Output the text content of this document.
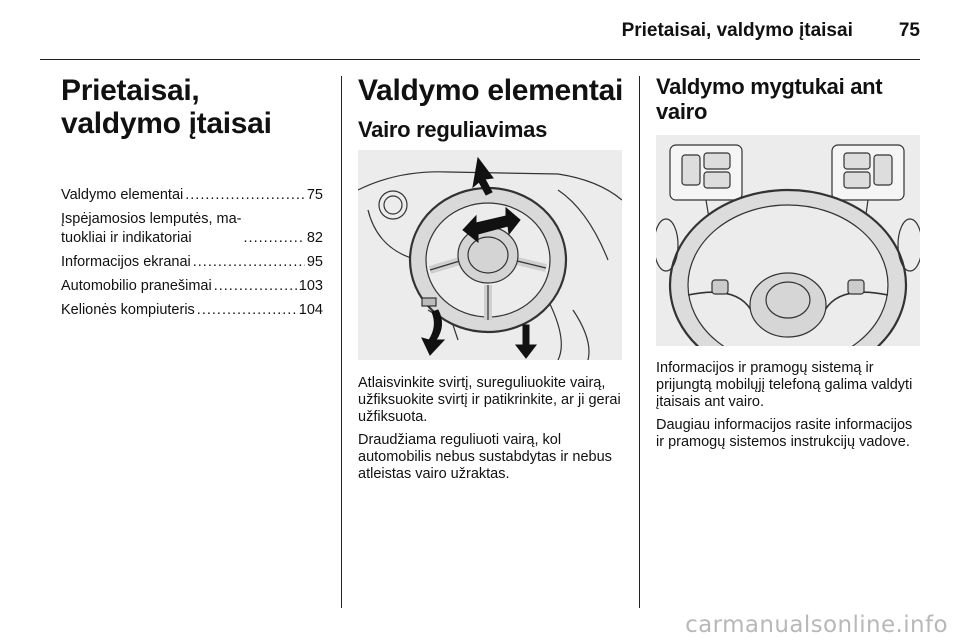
Prietaisai, valdymo įtaisai 75
Prietaisai, valdymo įtaisai
Valdymo elementai .....	75
Įspėjamosios lemputės, ma-
tuokliai ir indikatoriai .....	82
Informacijos ekranai .....	95
Automobilio pranešimai .....	103
Kelionės kompiuteris .....	104
Valdymo elementai
Vairo reguliavimas

Atlaisvinkite svirtį, sureguliuokite vairą, užfiksuokite svirtį ir patikrinkite, ar ji gerai užfiksuota.

Draudžiama reguliuoti vairą, kol automobilis nebus sustabdytas ir nebus atleistas vairo užraktas.

Valdymo mygtukai ant vairo

Informacijos ir pramogų sistemą ir prijungtą mobilųjį telefoną galima valdyti įtaisais ant vairo.

Daugiau informacijos rasite informacijos ir pramogų sistemos instrukcijų vadove.

carmanualsonline.info
